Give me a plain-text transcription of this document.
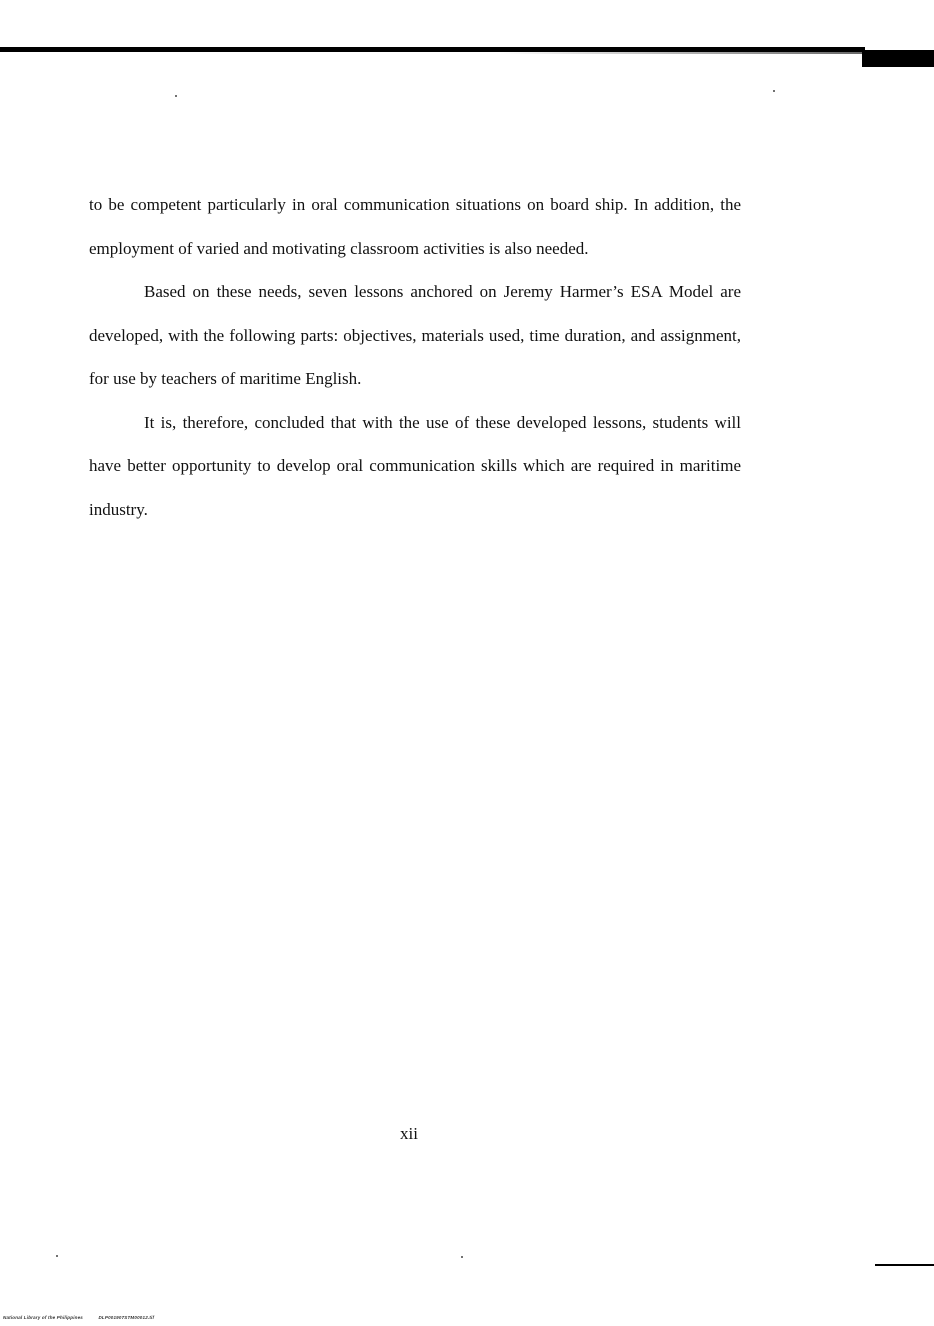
to be competent particularly in oral communication situations on board ship. In addition, the employment of varied and motivating classroom activities is also needed.

Based on these needs, seven lessons anchored on Jeremy Harmer’s ESA Model are developed, with the following parts: objectives, materials used, time duration, and assignment, for use by teachers of maritime English.

It is, therefore, concluded that with the use of these developed lessons, students will have better opportunity to develop oral communication skills which are required in maritime industry.

xii
National Library of the Philippines	DLP001907STM00012.tif
